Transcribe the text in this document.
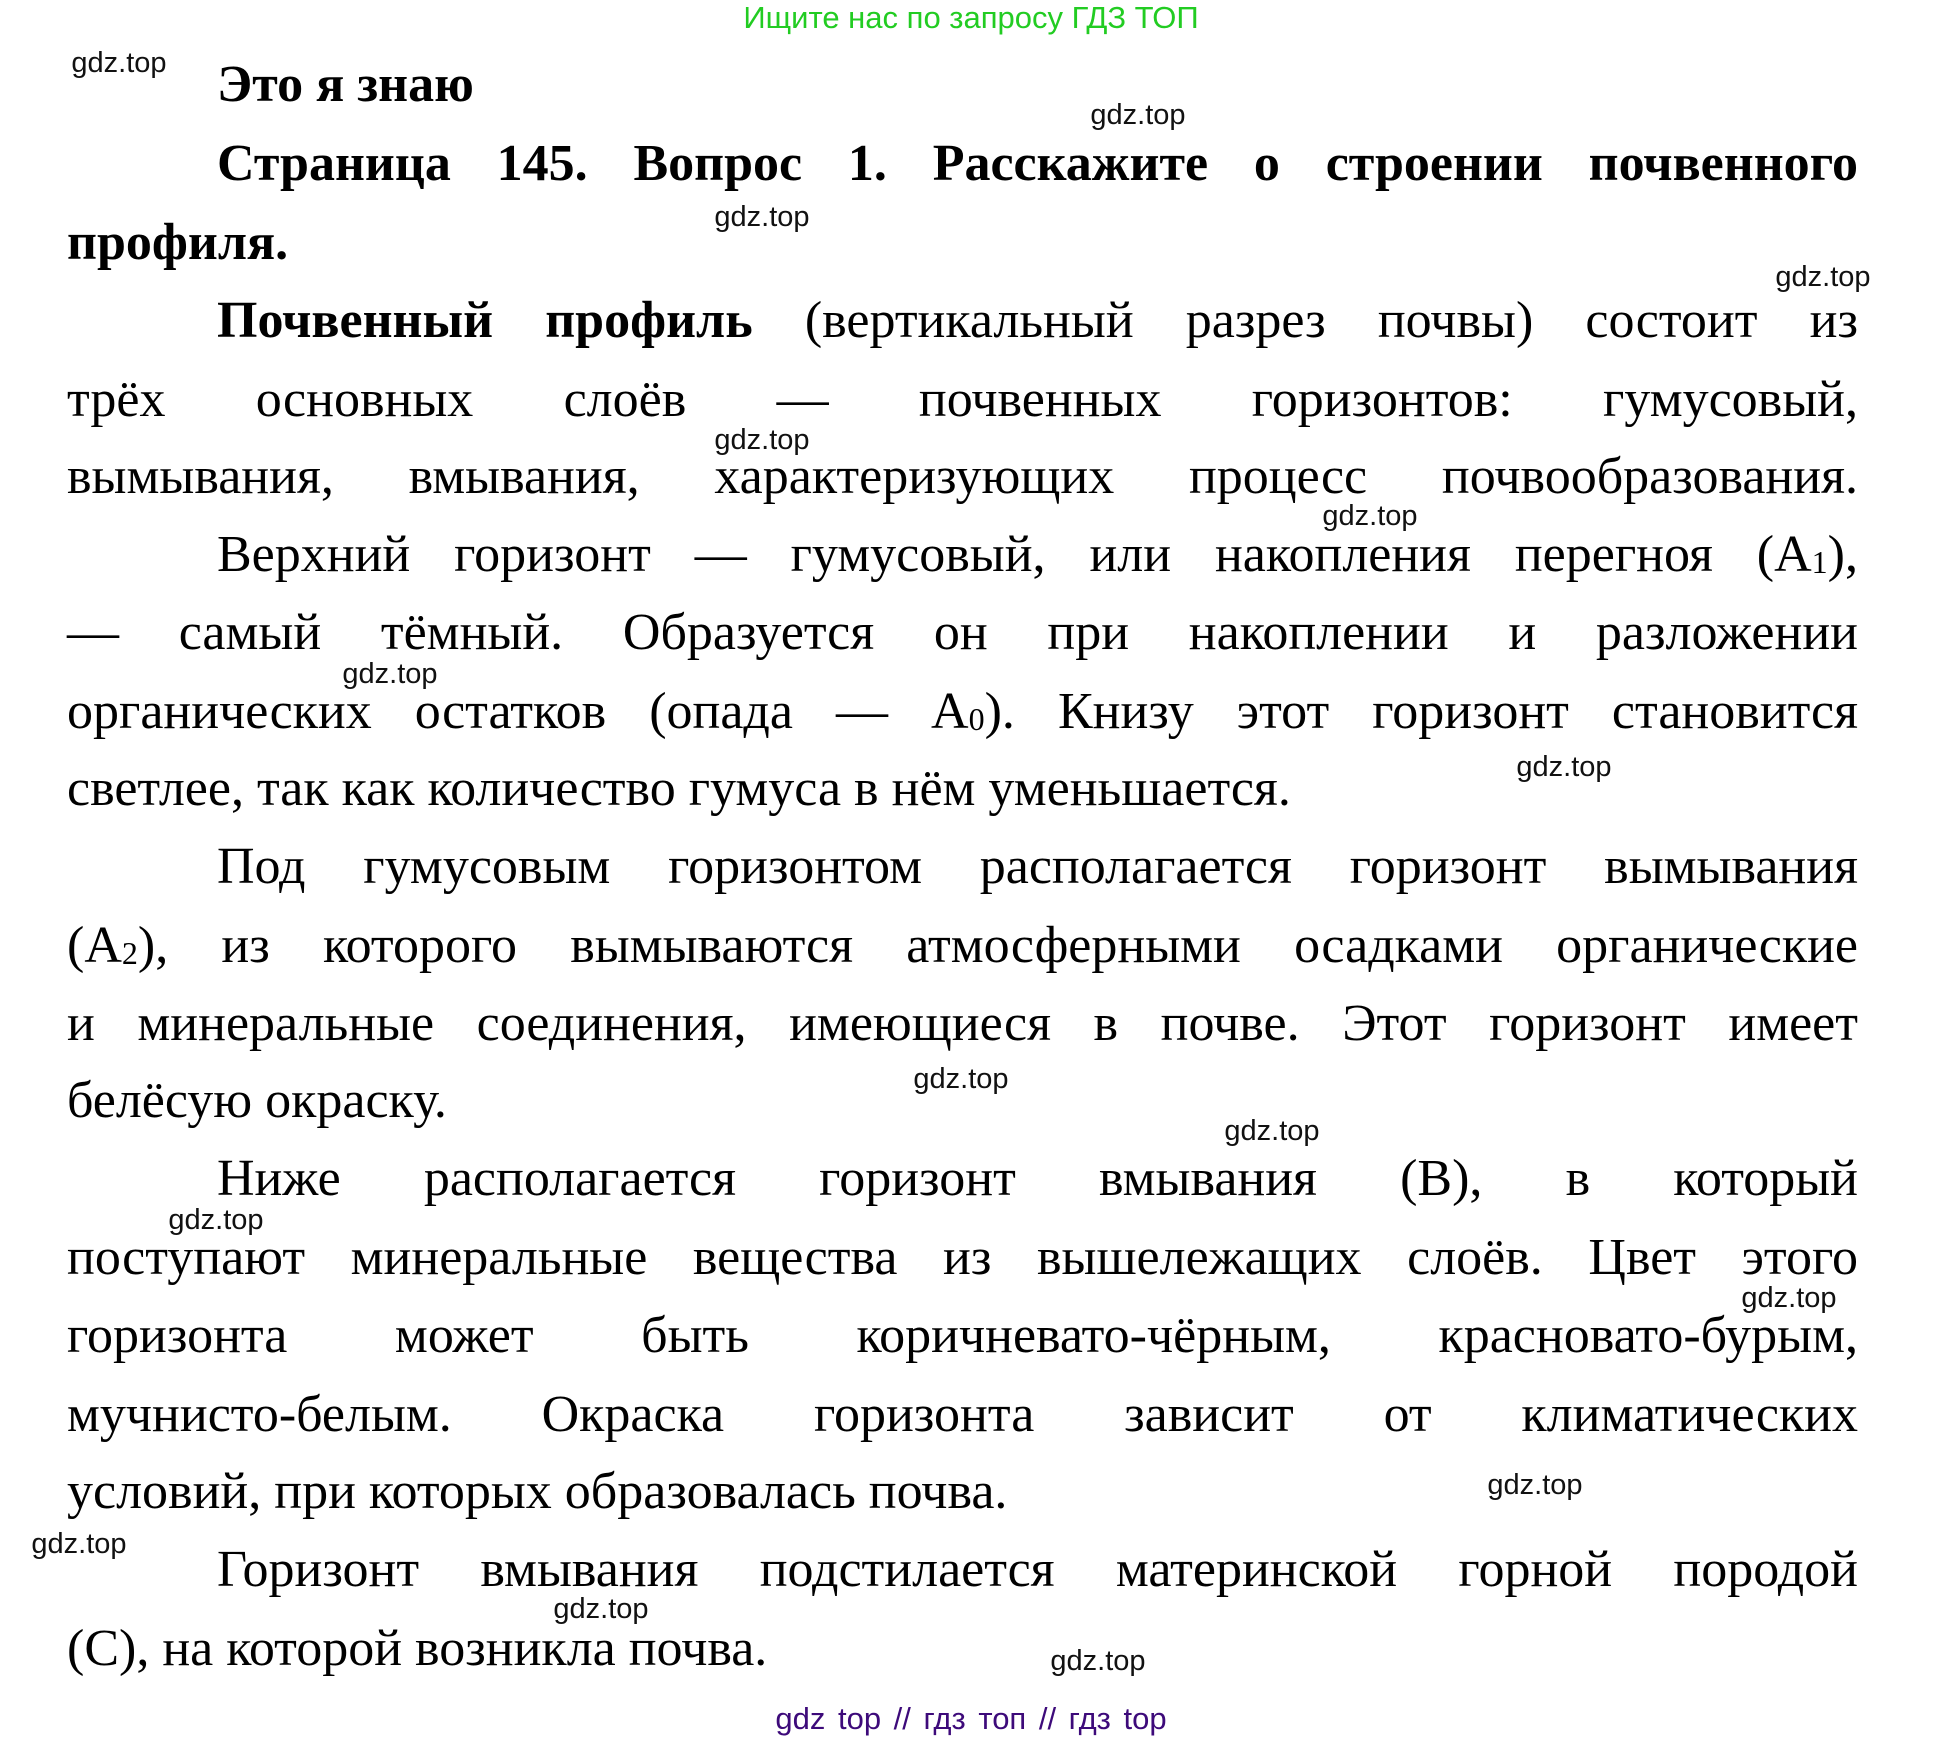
Ищите нас по запросу ГДЗ ТОП
Это я знаю
Страница 145. Вопрос 1. Расскажите о строении почвенного
профиля.
Почвенный профиль (вертикальный разрез почвы) состоит из
трёх основных слоёв — почвенных горизонтов: гумусовый,
вымывания, вмывания, характеризующих процесс почвообразования.
Верхний горизонт — гумусовый, или накопления перегноя $(A_1)$,
— самый тёмный. Образуется он при накоплении и разложении
органических остатков (опада — $A_0$). Книзу этот горизонт становится
светлее, так как количество гумуса в нём уменьшается.
Под гумусовым горизонтом располагается горизонт вымывания
$(A_2)$, из которого вымываются атмосферными осадками органические
и минеральные соединения, имеющиеся в почве. Этот горизонт имеет
белёсую окраску.
Ниже располагается горизонт вмывания (B), в который
поступают минеральные вещества из вышележащих слоёв. Цвет этого
горизонта может быть коричневато-чёрным, красновато-бурым,
мучнисто-белым. Окраска горизонта зависит от климатических
условий, при которых образовалась почва.
Горизонт вмывания подстилается материнской горной породой
(C), на которой возникла почва.
gdz.top
gdz.top
gdz.top
gdz.top
gdz.top
gdz.top
gdz.top
gdz.top
gdz.top
gdz.top
gdz.top
gdz.top
gdz.top
gdz.top
gdz.top
gdz.top
gdz top // гдз топ // гдз top
